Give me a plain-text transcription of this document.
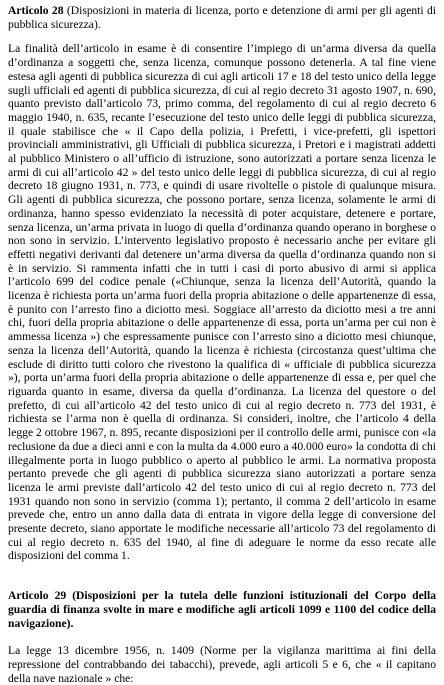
Articolo 28 (Disposizioni in materia di licenza, porto e detenzione di armi per gli agenti di pubblica sicurezza).

La finalità dell’articolo in esame è di consentire l’impiego di un’arma diversa da quella d’ordinanza a soggetti che, senza licenza, comunque possono detenerla. A tal fine viene estesa agli agenti di pubblica sicurezza di cui agli articoli 17 e 18 del testo unico della legge sugli ufficiali ed agenti di pubblica sicurezza, di cui al regio decreto 31 agosto 1907, n. 690, quanto previsto dall’articolo 73, primo comma, del regolamento di cui al regio decreto 6 maggio 1940, n. 635, recante l’esecuzione del testo unico delle leggi di pubblica sicurezza, il quale stabilisce che « il Capo della polizia, i Prefetti, i vice-prefetti, gli ispettori provinciali amministrativi, gli Ufficiali di pubblica sicurezza, i Pretori e i magistrati addetti al pubblico Ministero o all’ufficio di istruzione, sono autorizzati a portare senza licenza le armi di cui all’articolo 42 » del testo unico delle leggi di pubblica sicurezza, di cui al regio decreto 18 giugno 1931, n. 773, e quindi di usare rivoltelle o pistole di qualunque misura. Gli agenti di pubblica sicurezza, che possono portare, senza licenza, solamente le armi di ordinanza, hanno spesso evidenziato la necessità di poter acquistare, detenere e portare, senza licenza, un’arma privata in luogo di quella d’ordinanza quando operano in borghese o non sono in servizio. L’intervento legislativo proposto è necessario anche per evitare gli effetti negativi derivanti dal detenere un’arma diversa da quella d’ordinanza quando non si è in servizio. Si rammenta infatti che in tutti i casi di porto abusivo di armi si applica l’articolo 699 del codice penale («Chiunque, senza la licenza dell’Autorità, quando la licenza è richiesta porta un’arma fuori della propria abitazione o delle appartenenze di essa, è punito con l’arresto fino a diciotto mesi. Soggiace all’arresto da diciotto mesi a tre anni chi, fuori della propria abitazione o delle appartenenze di essa, porta un’arma per cui non è ammessa licenza ») che espressamente punisce con l’arresto sino a diciotto mesi chiunque, senza la licenza dell’Autorità, quando la licenza è richiesta (circostanza quest’ultima che esclude di diritto tutti coloro che rivestono la qualifica di « ufficiale di pubblica sicurezza »), porta un’arma fuori della propria abitazione o delle appartenenze di essa e, per quel che riguarda quanto in esame, diversa da quella d’ordinanza. La licenza del questore o del prefetto, di cui all’articolo 42 del testo unico di cui al regio decreto n. 773 del 1931, è richiesta se l’arma non è quella di ordinanza. Si consideri, inoltre, che l’articolo 4 della legge 2 ottobre 1967, n. 895, recante disposizioni per il controllo delle armi, punisce con «la reclusione da due a dieci anni e con la multa da 4.000 euro a 40.000 euro» la condotta di chi illegalmente porta in luogo pubblico o aperto al pubblico le armi. La normativa proposta pertanto prevede che gli agenti di pubblica sicurezza siano autorizzati a portare senza licenza le armi previste dall’articolo 42 del testo unico di cui al regio decreto n. 773 del 1931 quando non sono in servizio (comma 1); pertanto, il comma 2 dell’articolo in esame prevede che, entro un anno dalla data di entrata in vigore della legge di conversione del presente decreto, siano apportate le modifiche necessarie all’articolo 73 del regolamento di cui al regio decreto n. 635 del 1940, al fine di adeguare le norme da esso recate alle disposizioni del comma 1.

Articolo 29 (Disposizioni per la tutela delle funzioni istituzionali del Corpo della guardia di finanza svolte in mare e modifiche agli articoli 1099 e 1100 del codice della navigazione).

La legge 13 dicembre 1956, n. 1409 (Norme per la vigilanza marittima ai fini della repressione del contrabbando dei tabacchi), prevede, agli articoli 5 e 6, che « il capitano della nave nazionale » che:
